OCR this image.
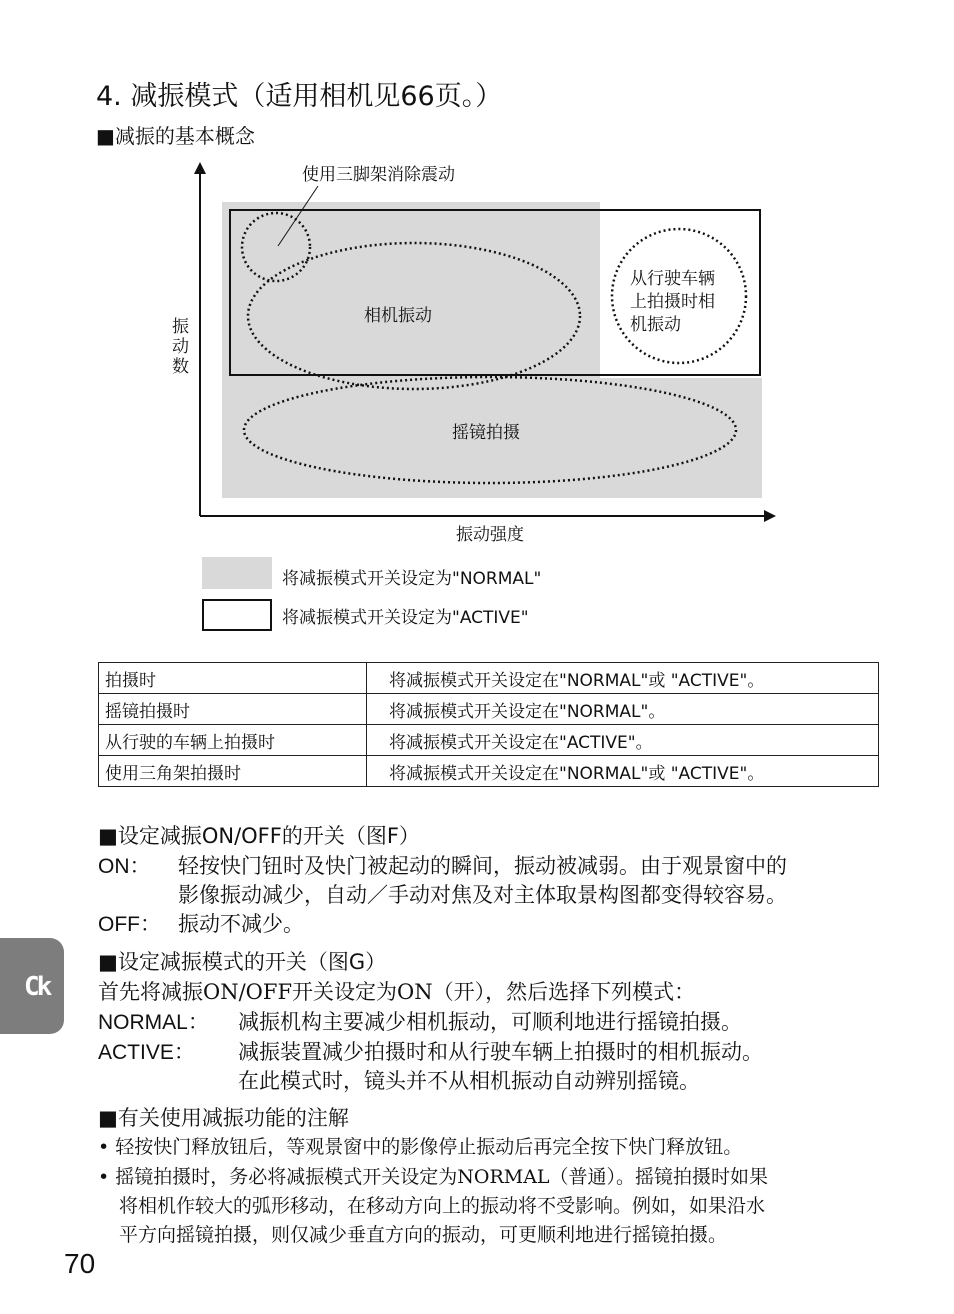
4. 减振模式（适用相机见66页。）
■减振的基本概念
使用三脚架消除震动
相机振动
从行驶车辆
上拍摄时相
机振动
摇镜拍摄
振
动
数
振动强度
将减振模式开关设定为"NORMAL"
将减振模式开关设定为"ACTIVE"
拍摄时	将减振模式开关设定在"NORMAL"或 "ACTIVE"。
摇镜拍摄时	将减振模式开关设定在"NORMAL"。
从行驶的车辆上拍摄时	将减振模式开关设定在"ACTIVE"。
使用三角架拍摄时	将减振模式开关设定在"NORMAL"或 "ACTIVE"。
■设定减振ON/OFF的开关（图F）
ON： 轻按快门钮时及快门被起动的瞬间，振动被减弱。由于观景窗中的
影像振动减少，自动／手动对焦及对主体取景构图都变得较容易。
OFF： 振动不减少。
■设定减振模式的开关（图G）
首先将减振ON/OFF开关设定为ON（开），然后选择下列模式：
NORMAL： 减振机构主要减少相机振动，可顺利地进行摇镜拍摄。
ACTIVE： 减振装置减少拍摄时和从行驶车辆上拍摄时的相机振动。
在此模式时，镜头并不从相机振动自动辨别摇镜。
■有关使用减振功能的注解
• 轻按快门释放钮后，等观景窗中的影像停止振动后再完全按下快门释放钮。
• 摇镜拍摄时，务必将减振模式开关设定为NORMAL（普通）。摇镜拍摄时如果
将相机作较大的弧形移动，在移动方向上的振动将不受影响。例如，如果沿水
平方向摇镜拍摄，则仅减少垂直方向的振动，可更顺利地进行摇镜拍摄。
Ck
70
